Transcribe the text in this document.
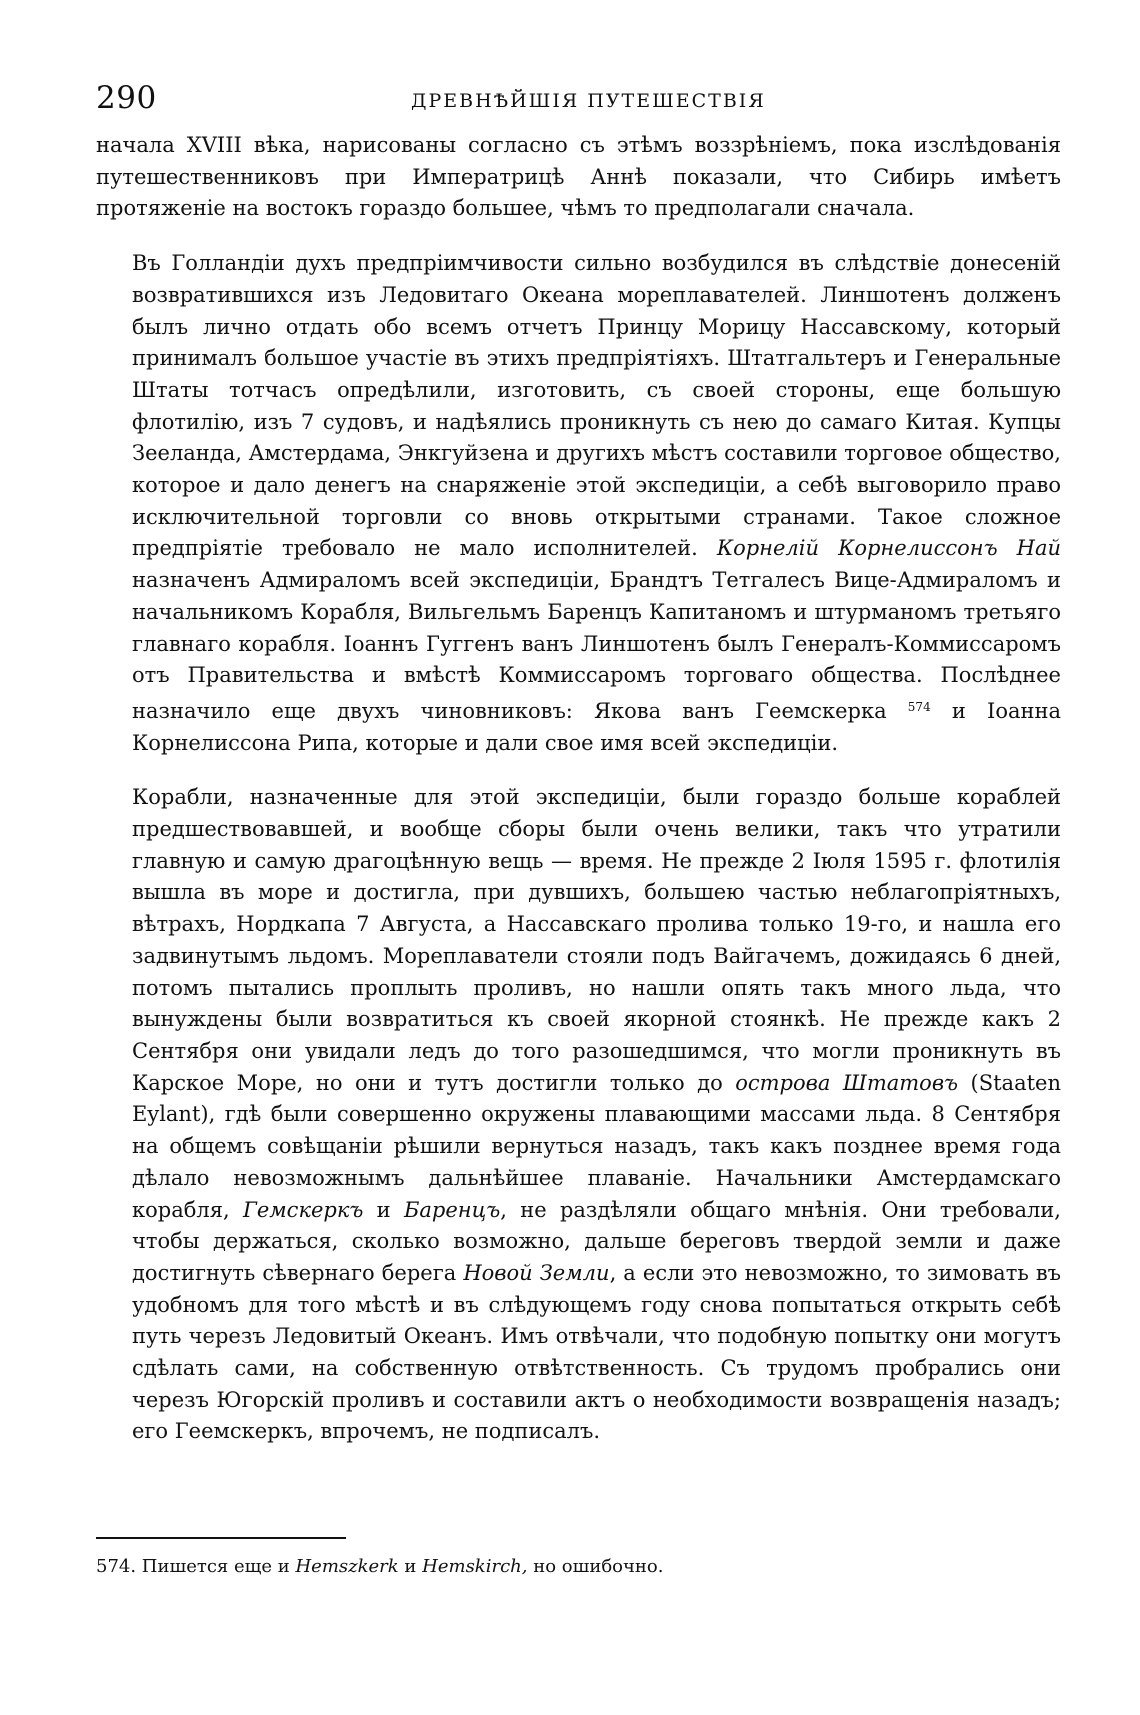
290	ДРЕВНѢЙШІЯ ПУТЕШЕСТВІЯ

начала XVIII вѣка, нарисованы согласно съ этѣмъ воззрѣніемъ, пока изслѣдованія путешественниковъ при Императрицѣ Аннѣ показали, что Сибирь имѣетъ протяженіе на востокъ гораздо большее, чѣмъ то предполагали сначала.

Въ Голландіи духъ предпріимчивости сильно возбудился въ слѣдствіе донесеній возвратившихся изъ Ледовитаго Океана мореплавателей. Линшотенъ долженъ былъ лично отдать обо всемъ отчетъ Принцу Морицу Нассавскому, который принималъ большое участіе въ этихъ предпріятіяхъ. Штатгальтеръ и Генеральные Штаты тотчасъ опредѣлили, изготовить, съ своей стороны, еще большую флотилію, изъ 7 судовъ, и надѣялись проникнуть съ нею до самаго Китая. Купцы Зееланда, Амстердама, Энкгуйзена и другихъ мѣстъ составили торговое общество, которое и дало денегъ на снаряженіе этой экспедиціи, а себѣ выговорило право исключительной торговли со вновь открытыми странами. Такое сложное предпріятіе требовало не мало исполнителей. Корнелій Корнелиссонъ Най назначенъ Адмираломъ всей экспедиціи, Брандтъ Тетгалесъ Вице-Адмираломъ и начальникомъ Корабля, Вильгельмъ Баренцъ Капитаномъ и штурманомъ третьяго главнаго корабля. Іоаннъ Гуггенъ ванъ Линшотенъ былъ Генералъ-Коммиссаромъ отъ Правительства и вмѣстѣ Коммиссаромъ торговаго общества. Послѣднее назначило еще двухъ чиновниковъ: Якова ванъ Геемскерка $^{574}$ и Іоанна Корнелиссона Рипа, которые и дали свое имя всей экспедиціи.

Корабли, назначенные для этой экспедиціи, были гораздо больше кораблей предшествовавшей, и вообще сборы были очень велики, такъ что утратили главную и самую драгоцѣнную вещь — время. Не прежде 2 Іюля 1595 г. флотилія вышла въ море и достигла, при дувшихъ, большею частью неблагопріятныхъ, вѣтрахъ, Нордкапа 7 Августа, а Нассавскаго пролива только 19-го, и нашла его задвинутымъ льдомъ. Мореплаватели стояли подъ Вайгачемъ, дожидаясь 6 дней, потомъ пытались проплыть проливъ, но нашли опять такъ много льда, что вынуждены были возвратиться къ своей якорной стоянкѣ. Не прежде какъ 2 Сентября они увидали ледъ до того разошедшимся, что могли проникнуть въ Карское Море, но они и тутъ достигли только до острова Штатовъ (Staaten Eylant), гдѣ были совершенно окружены плавающими массами льда. 8 Сентября на общемъ совѣщаніи рѣшили вернуться назадъ, такъ какъ позднее время года дѣлало невозможнымъ дальнѣйшее плаваніе. Начальники Амстердамскаго корабля, Гемскеркъ и Баренцъ, не раздѣляли общаго мнѣнія. Они требовали, чтобы держаться, сколько возможно, дальше береговъ твердой земли и даже достигнуть сѣвернаго берега Новой Земли, а если это невозможно, то зимовать въ удобномъ для того мѣстѣ и въ слѣдующемъ году снова попытаться открыть себѣ путь черезъ Ледовитый Океанъ. Имъ отвѣчали, что подобную попытку они могутъ сдѣлать сами, на собственную отвѣтственность. Съ трудомъ пробрались они черезъ Югорскій проливъ и составили актъ о необходимости возвращенія назадъ; его Геемскеркъ, впрочемъ, не подписалъ.

574. Пишется еще и Hemszkerk и Hemskirch, но ошибочно.
